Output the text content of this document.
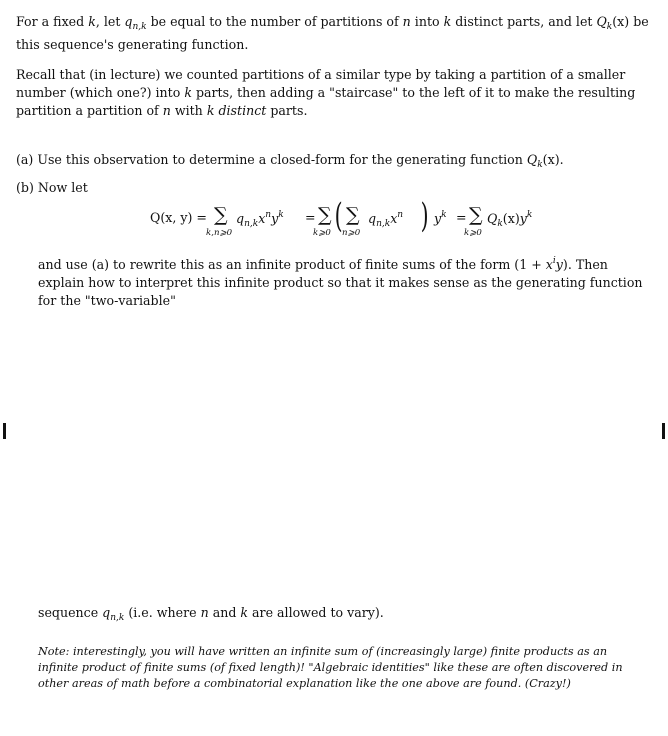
For a fixed k, let $q_{n,k}$ be equal to the number of partitions of n into k distinct parts, and let $Q_k(x)$ be this sequence's generating function.

Recall that (in lecture) we counted partitions of a similar type by taking a partition of a smaller number (which one?) into k parts, then adding a "staircase" to the left of it to make the resulting partition a partition of n with k distinct parts.

(a) Use this observation to determine a closed-form for the generating function $Q_k(x)$.

(b) Now let

Q(x, y) = ∑
k,n⩾0
$q_{n,k}x^ny^k$ = ∑
k⩾0 ( ∑
n⩾0
$q_{n,k}x^n$ ) $y^k$ = ∑
k⩾0
$Q_k(x)y^k$

and use (a) to rewrite this as an infinite product of finite sums of the form $(1 + x^iy)$. Then explain how to interpret this infinite product so that it makes sense as the generating function for the "two-variable"

sequence $q_{n,k}$ (i.e. where n and k are allowed to vary).

Note: interestingly, you will have written an infinite sum of (increasingly large) finite products as an infinite product of finite sums (of fixed length)! "Algebraic identities" like these are often discovered in other areas of math before a combinatorial explanation like the one above are found. (Crazy!)
